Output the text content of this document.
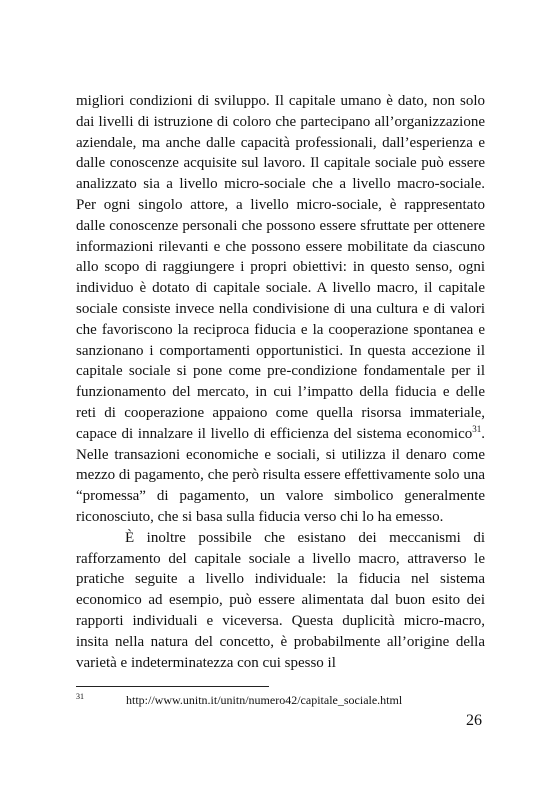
migliori condizioni di sviluppo. Il capitale umano è dato, non solo dai livelli di istruzione di coloro che partecipano all’organizzazione aziendale, ma anche dalle capacità professionali, dall’esperienza e dalle conoscenze acquisite sul lavoro. Il capitale sociale può essere analizzato sia a livello micro-sociale che a livello macro-sociale. Per ogni singolo attore, a livello micro-sociale, è rappresentato dalle conoscenze personali che possono essere sfruttate per ottenere informazioni rilevanti e che possono essere mobilitate da ciascuno allo scopo di raggiungere i propri obiettivi: in questo senso, ogni individuo è dotato di capitale sociale. A livello macro, il capitale sociale consiste invece nella condivisione di una cultura e di valori che favoriscono la reciproca fiducia e la cooperazione spontanea e sanzionano i comportamenti opportunistici. In questa accezione il capitale sociale si pone come pre-condizione fondamentale per il funzionamento del mercato, in cui l’impatto della fiducia e delle reti di cooperazione appaiono come quella risorsa immateriale, capace di innalzare il livello di efficienza del sistema economico$^{31}$. Nelle transazioni economiche e sociali, si utilizza il denaro come mezzo di pagamento, che però risulta essere effettivamente solo una “promessa” di pagamento, un valore simbolico generalmente riconosciuto, che si basa sulla fiducia verso chi lo ha emesso.

È inoltre possibile che esistano dei meccanismi di rafforzamento del capitale sociale a livello macro, attraverso le pratiche seguite a livello individuale: la fiducia nel sistema economico ad esempio, può essere alimentata dal buon esito dei rapporti individuali e viceversa. Questa duplicità micro-macro, insita nella natura del concetto, è probabilmente all’origine della varietà e indeterminatezza con cui spesso il

31	http://www.unitn.it/unitn/numero42/capitale_sociale.html
26
